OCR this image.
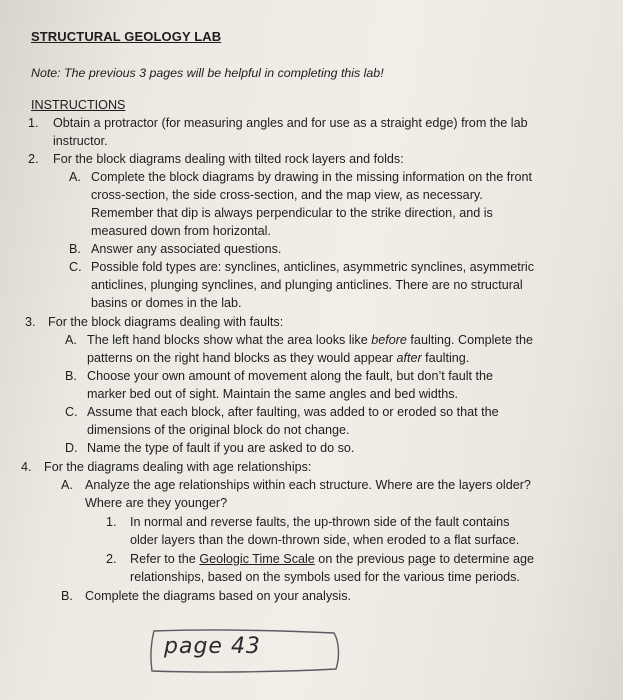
STRUCTURAL GEOLOGY LAB
Note: The previous 3 pages will be helpful in completing this lab!
INSTRUCTIONS
1. Obtain a protractor (for measuring angles and for use as a straight edge) from the lab
instructor.
2. For the block diagrams dealing with tilted rock layers and folds:
A. Complete the block diagrams by drawing in the missing information on the front
cross-section, the side cross-section, and the map view, as necessary.
Remember that dip is always perpendicular to the strike direction, and is
measured down from horizontal.
B. Answer any associated questions.
C. Possible fold types are: synclines, anticlines, asymmetric synclines, asymmetric
anticlines, plunging synclines, and plunging anticlines. There are no structural
basins or domes in the lab.
3. For the block diagrams dealing with faults:
A. The left hand blocks show what the area looks like before faulting. Complete the
patterns on the right hand blocks as they would appear after faulting.
B. Choose your own amount of movement along the fault, but don’t fault the
marker bed out of sight. Maintain the same angles and bed widths.
C. Assume that each block, after faulting, was added to or eroded so that the
dimensions of the original block do not change.
D. Name the type of fault if you are asked to do so.
4. For the diagrams dealing with age relationships:
A. Analyze the age relationships within each structure. Where are the layers older?
Where are they younger?
1. In normal and reverse faults, the up-thrown side of the fault contains
older layers than the down-thrown side, when eroded to a flat surface.
2. Refer to the Geologic Time Scale on the previous page to determine age
relationships, based on the symbols used for the various time periods.
B. Complete the diagrams based on your analysis.
page 43
